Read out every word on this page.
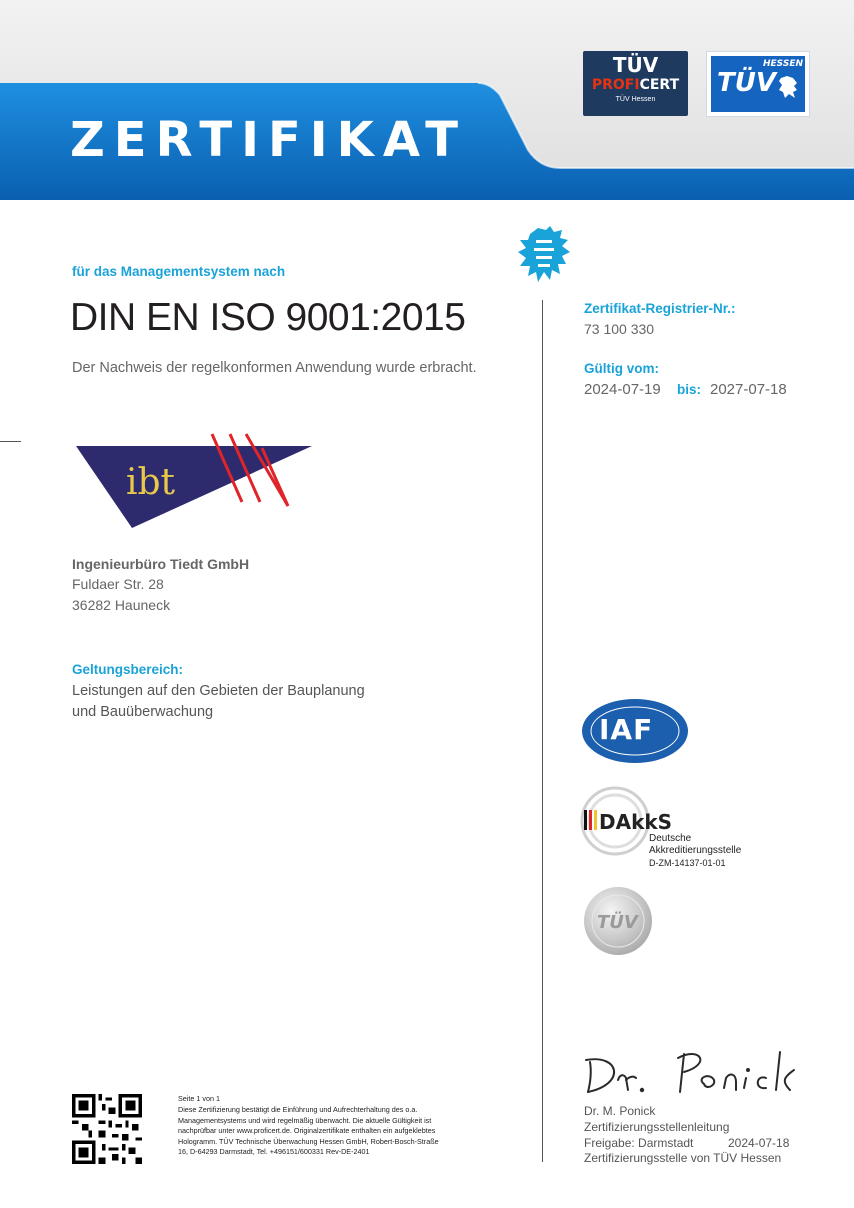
ZERTIFIKAT
TÜV
PROFICERT
TÜV Hessen
TÜV
HESSEN
für das Managementsystem nach
DIN EN ISO 9001:2015
Der Nachweis der regelkonformen Anwendung wurde erbracht.
ibt
Ingenieurbüro Tiedt GmbH
Fuldaer Str. 28
36282 Hauneck
Geltungsbereich:
Leistungen auf den Gebieten der Bauplanung
und Bauüberwachung
Zertifikat-Registrier-Nr.:
73 100 330
Gültig vom:
2024-07-19 bis: 2027-07-18
IAF
DAkkS
Deutsche
Akkreditierungsstelle
D-ZM-14137-01-01
TÜV
Seite 1 von 1
Diese Zertifizierung bestätigt die Einführung und Aufrechterhaltung des o.a. Managementsystems und wird regelmäßig überwacht. Die aktuelle Gültigkeit ist nachprüfbar unter www.proficert.de. Originalzertifikate enthalten ein aufgeklebtes Hologramm. TÜV Technische Überwachung Hessen GmbH, Robert-Bosch-Straße 16, D-64293 Darmstadt, Tel. +496151/600331 Rev-DE-2401
Dr. M. Ponick
Zertifizierungsstellenleitung
Freigabe: Darmstadt	2024-07-18
Zertifizierungsstelle von TÜV Hessen
